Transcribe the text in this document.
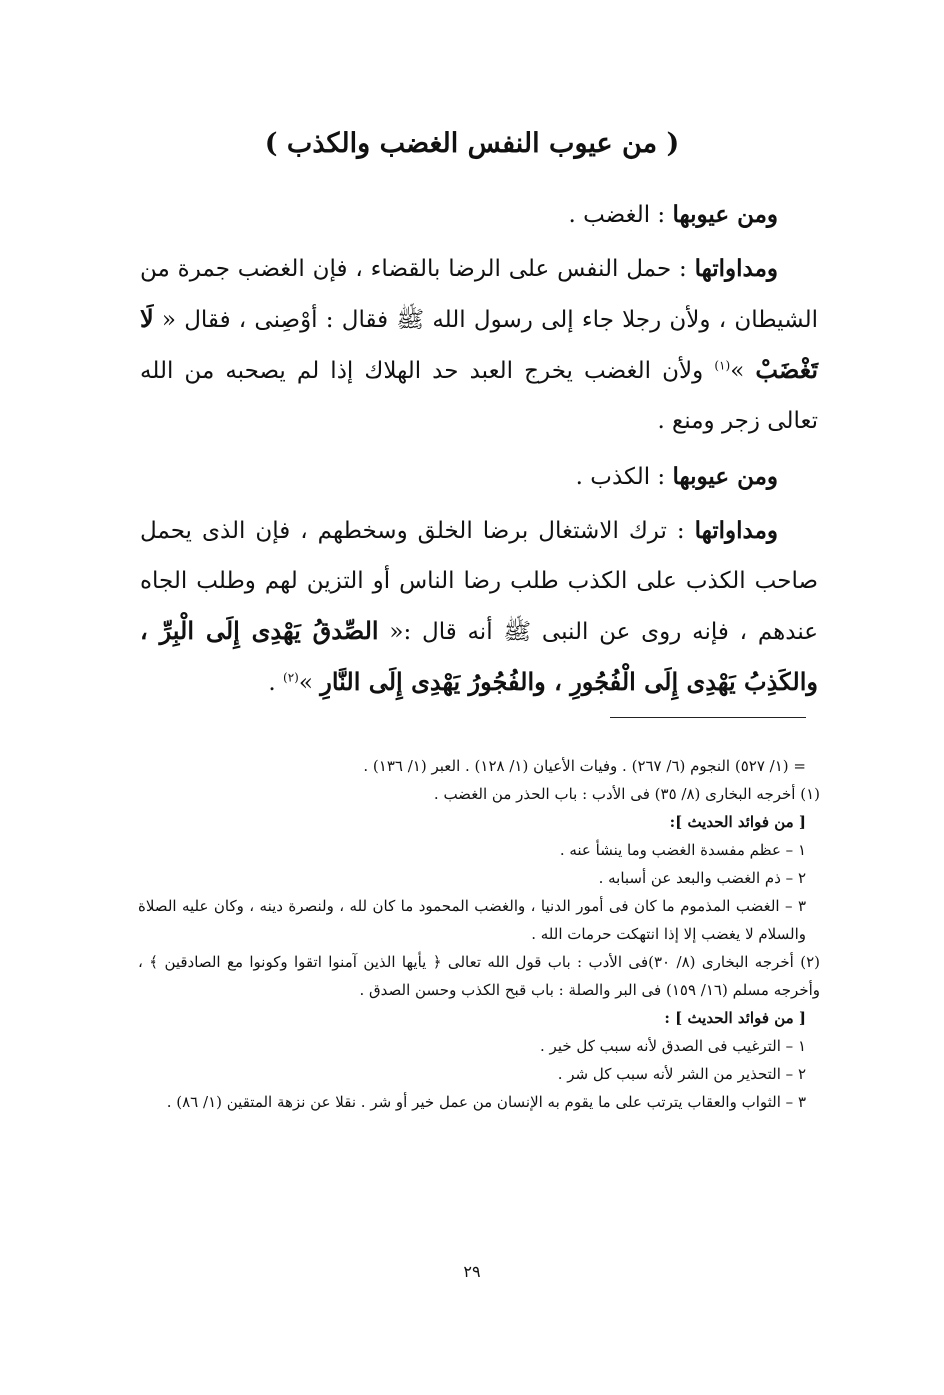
( من عيوب النفس الغضب والكذب )

ومن عيوبها : الغضب .

ومداواتها : حمل النفس على الرضا بالقضاء ، فإن الغضب جمرة من الشيطان ، ولأن رجلا جاء إلى رسول الله ﷺ فقال : أوْصِنى ، فقال « لَا تَغْضَبْ »$^{(١)}$ ولأن الغضب يخرج العبد حد الهلاك إذا لم يصحبه من الله تعالى زجر ومنع .

ومن عيوبها : الكذب .

ومداواتها : ترك الاشتغال برضا الخلق وسخطهم ، فإن الذى يحمل صاحب الكذب على الكذب طلب رضا الناس أو التزين لهم وطلب الجاه عندهم ، فإنه روى عن النبى ﷺ أنه قال :« الصِّدقُ يَهْدِى إِلَى الْبِرِّ ، والكَذِبُ يَهْدِى إِلَى الْفُجُورِ ، والفُجُورُ يَهْدِى إِلَى النَّارِ »$^{(٢)}$ .

= (١/ ٥٢٧) النجوم (٦/ ٢٦٧) . وفيات الأعيان (١/ ١٢٨) . العبر (١/ ١٣٦) .

(١) أخرجه البخارى (٨/ ٣٥) فى الأدب : باب الحذر من الغضب .

[ من فوائد الحديث ]:

١ – عظم مفسدة الغضب وما ينشأ عنه .

٢ – ذم الغضب والبعد عن أسبابه .

٣ – الغضب المذموم ما كان فى أمور الدنيا ، والغضب المحمود ما كان لله ، ولنصرة دينه ، وكان عليه الصلاة والسلام لا يغضب إلا إذا انتهكت حرمات الله .

(٢) أخرجه البخارى (٨/ ٣٠)فى الأدب : باب قول الله تعالى ﴿ يأيها الذين آمنوا اتقوا وكونوا مع الصادقين ﴾ ، وأخرجه مسلم (١٦/ ١٥٩) فى البر والصلة : باب قبح الكذب وحسن الصدق .

[ من فوائد الحديث ] :

١ – الترغيب فى الصدق لأنه سبب كل خير .

٢ – التحذير من الشر لأنه سبب كل شر .

٣ – الثواب والعقاب يترتب على ما يقوم به الإنسان من عمل خير أو شر . نقلا عن نزهة المتقين (١/ ٨٦) .

٢٩
